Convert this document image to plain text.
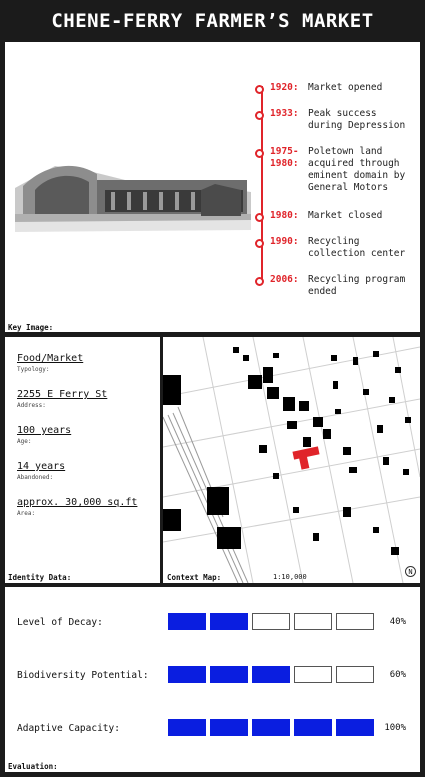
CHENE-FERRY FARMER’S MARKET
1920: Market opened
1933: Peak success during Depression
1975-1980:
Poletown land acquired through eminent domain by General Motors
1980: Market closed
1990: Recycling collection center
2006: Recycling program ended
Key Image:
Food/Market
Typology:
2255 E Ferry St
Address:
100 years
Age:
14 years
Abandoned:
approx. 30,000 sq.ft
Area:
Identity Data:	Context Map:	1:10,000
N
Level of Decay:	40%
Biodiversity Potential:	60%
Adaptive Capacity:	100%
Evaluation:
